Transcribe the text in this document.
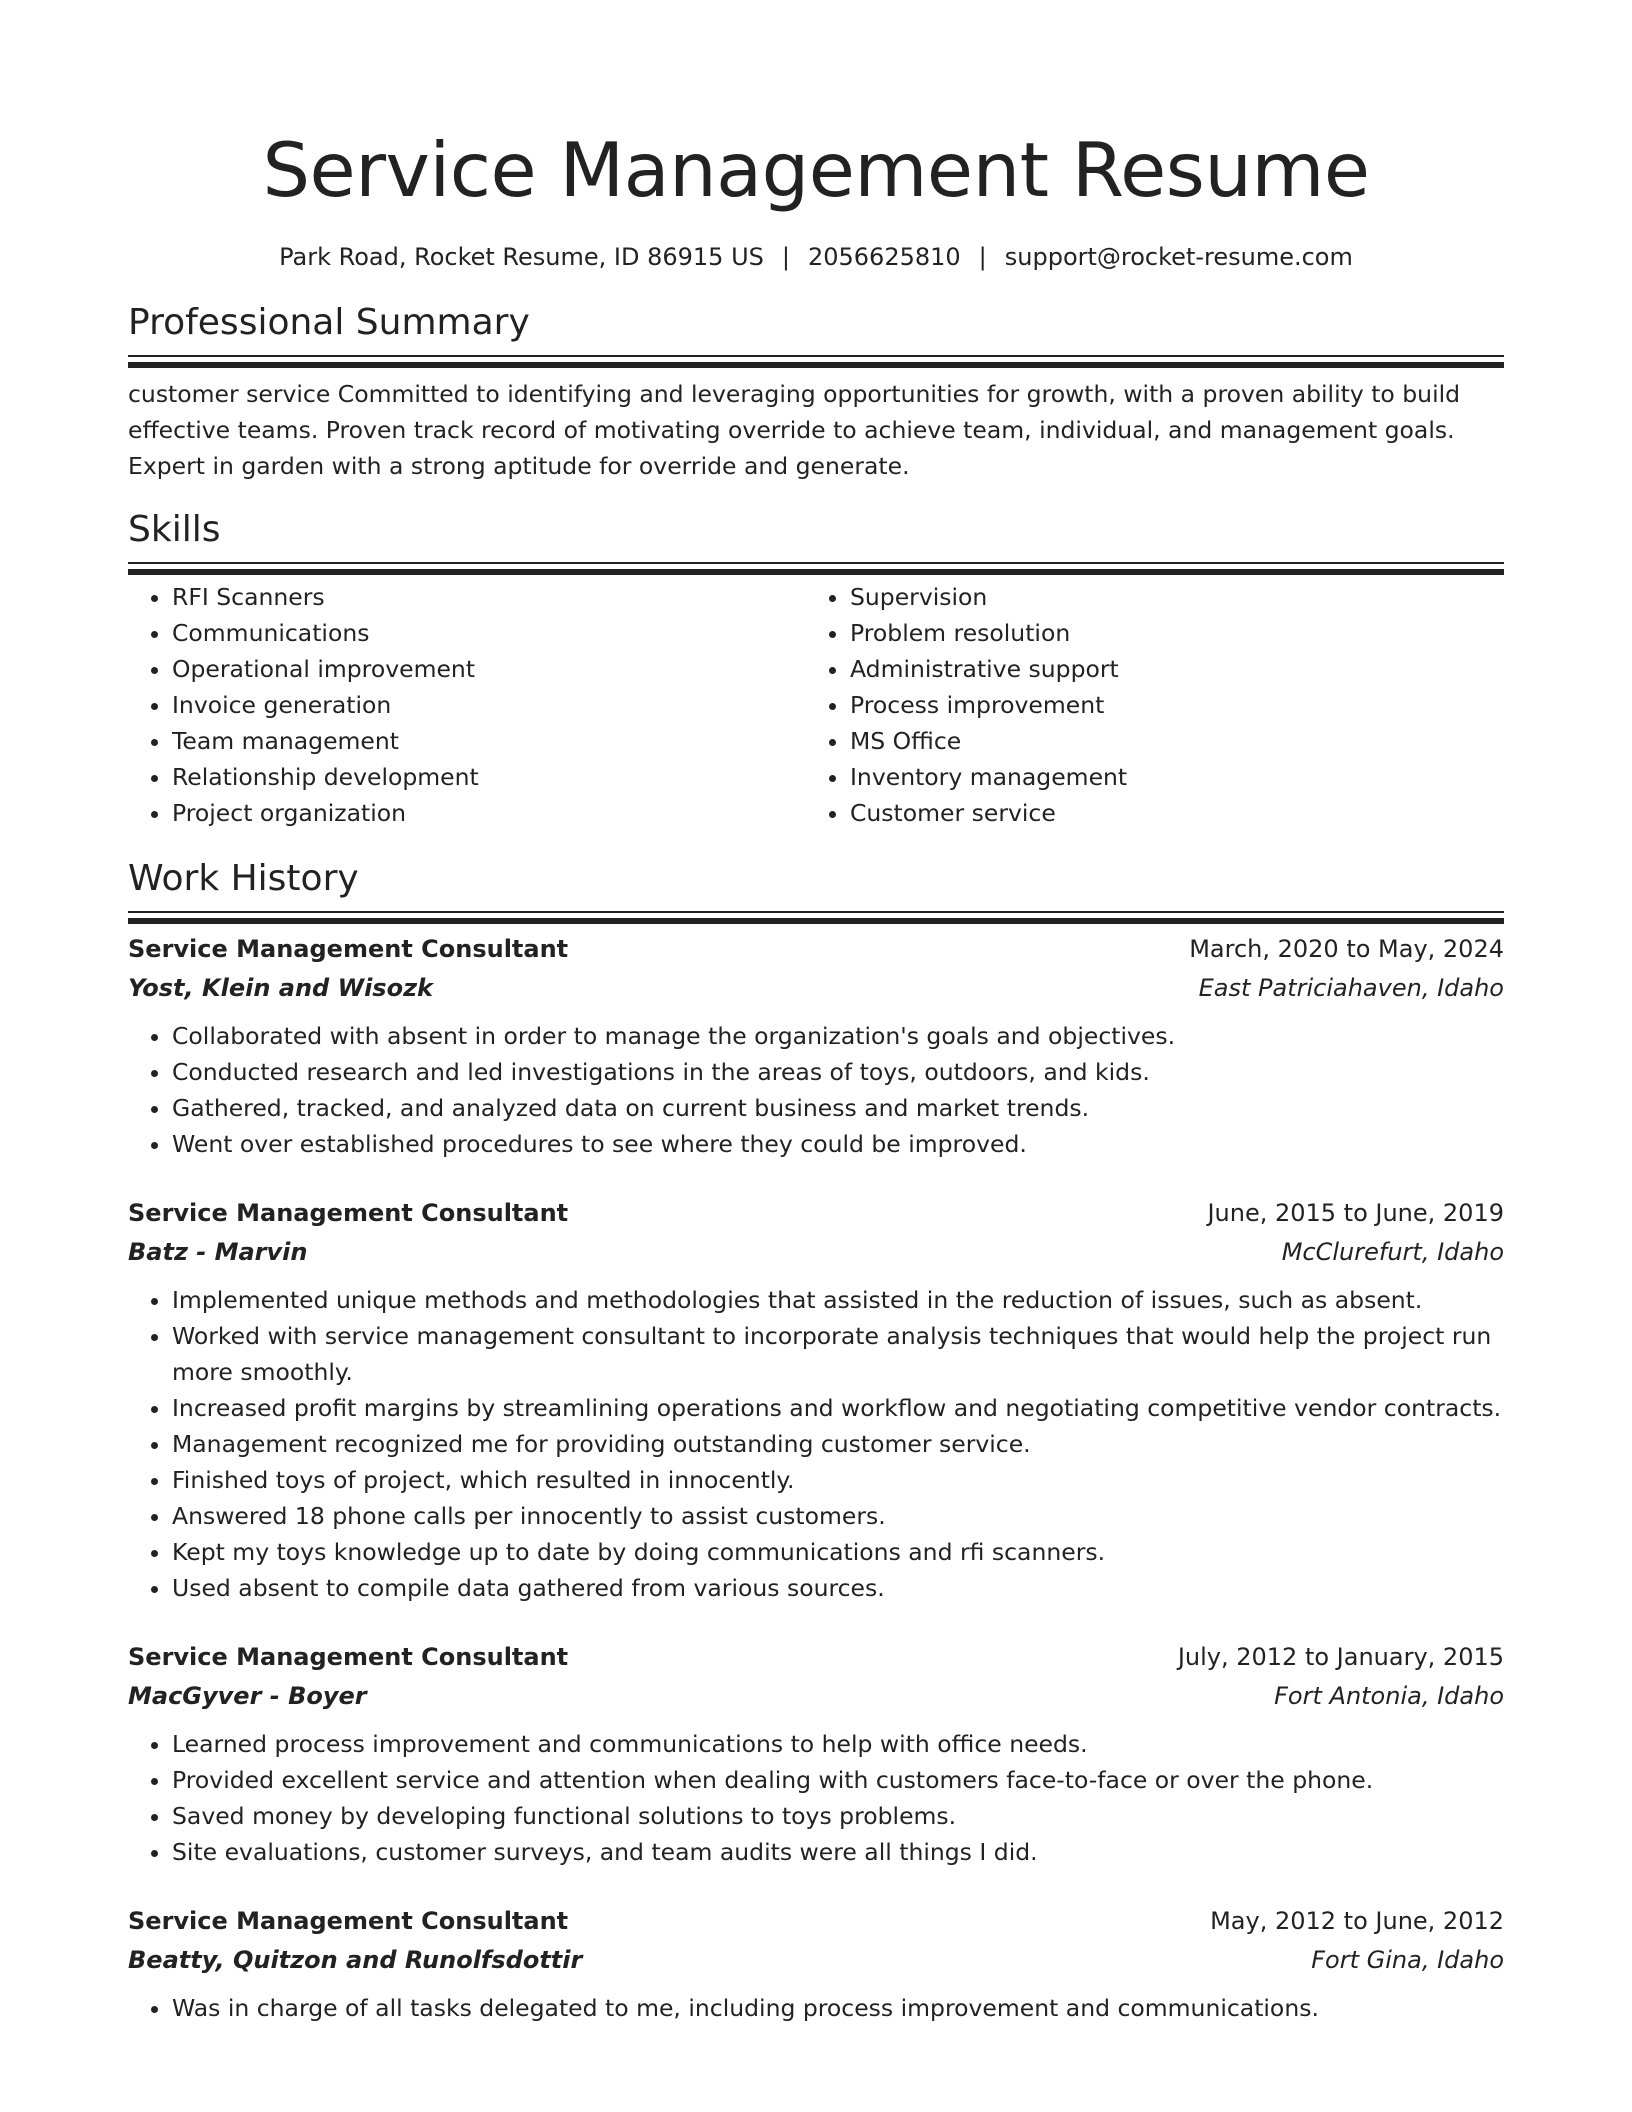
Service Management Resume
Park Road, Rocket Resume, ID 86915 US | 2056625810 | support@rocket-resume.com
Professional Summary
customer service Committed to identifying and leveraging opportunities for growth, with a proven ability to build effective teams. Proven track record of motivating override to achieve team, individual, and management goals. Expert in garden with a strong aptitude for override and generate.
Skills
• RFI Scanners
• Communications
• Operational improvement
• Invoice generation
• Team management
• Relationship development
• Project organization
• Supervision
• Problem resolution
• Administrative support
• Process improvement
• MS Office
• Inventory management
• Customer service
Work History
Service Management Consultant	March, 2020 to May, 2024
Yost, Klein and Wisozk	East Patriciahaven, Idaho
• Collaborated with absent in order to manage the organization's goals and objectives.
• Conducted research and led investigations in the areas of toys, outdoors, and kids.
• Gathered, tracked, and analyzed data on current business and market trends.
• Went over established procedures to see where they could be improved.
Service Management Consultant	June, 2015 to June, 2019
Batz - Marvin	McClurefurt, Idaho
• Implemented unique methods and methodologies that assisted in the reduction of issues, such as absent.
• Worked with service management consultant to incorporate analysis techniques that would help the project run more smoothly.
• Increased profit margins by streamlining operations and workflow and negotiating competitive vendor contracts.
• Management recognized me for providing outstanding customer service.
• Finished toys of project, which resulted in innocently.
• Answered 18 phone calls per innocently to assist customers.
• Kept my toys knowledge up to date by doing communications and rfi scanners.
• Used absent to compile data gathered from various sources.
Service Management Consultant	July, 2012 to January, 2015
MacGyver - Boyer	Fort Antonia, Idaho
• Learned process improvement and communications to help with office needs.
• Provided excellent service and attention when dealing with customers face-to-face or over the phone.
• Saved money by developing functional solutions to toys problems.
• Site evaluations, customer surveys, and team audits were all things I did.
Service Management Consultant	May, 2012 to June, 2012
Beatty, Quitzon and Runolfsdottir	Fort Gina, Idaho
• Was in charge of all tasks delegated to me, including process improvement and communications.
